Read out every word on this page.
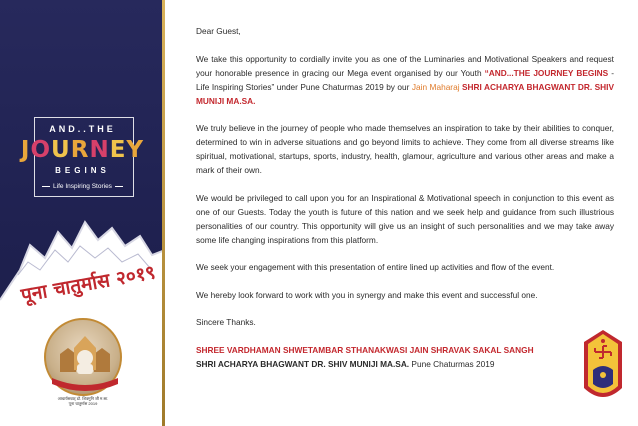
AND..THE
JOURNEY
BEGINS
Life Inspiring Stories
पूना चातुर्मास २०१९
आचार्यसम्राट् डॉ. शिवमुनि जी म.सा.
पूना चातुर्मास 2019

Dear Guest,

We take this opportunity to cordially invite you as one of the Luminaries and Motivational Speakers and request your honorable presence in gracing our Mega event organised by our Youth “AND...THE JOURNEY BEGINS - Life Inspiring Stories” under Pune Chaturmas 2019 by our Jain Maharaj SHRI ACHARYA BHAGWANT DR. SHIV MUNIJI MA.SA.

We truly believe in the journey of people who made themselves an inspiration to take by their abilities to conquer, determined to win in adverse situations and go beyond limits to achieve. They come from all diverse streams like spiritual, motivational, startups, sports, industry, health, glamour, agriculture and various other areas and make a mark of their own.

We would be privileged to call upon you for an Inspirational & Motivational speech in conjunction to this event as one of our Guests. Today the youth is future of this nation and we seek help and guidance from such illustrious personalities of our country. This opportunity will give us an insight of such personalities and we may take away some life changing inspirations from this platform.

We seek your engagement with this presentation of entire lined up activities and flow of the event.

We hereby look forward to work with you in synergy and make this event and successful one.

Sincere Thanks.

SHREE VARDHAMAN SHWETAMBAR STHANAKWASI JAIN SHRAVAK SAKAL SANGH
SHRI ACHARYA BHAGWANT DR. SHIV MUNIJI MA.SA. Pune Chaturmas 2019
